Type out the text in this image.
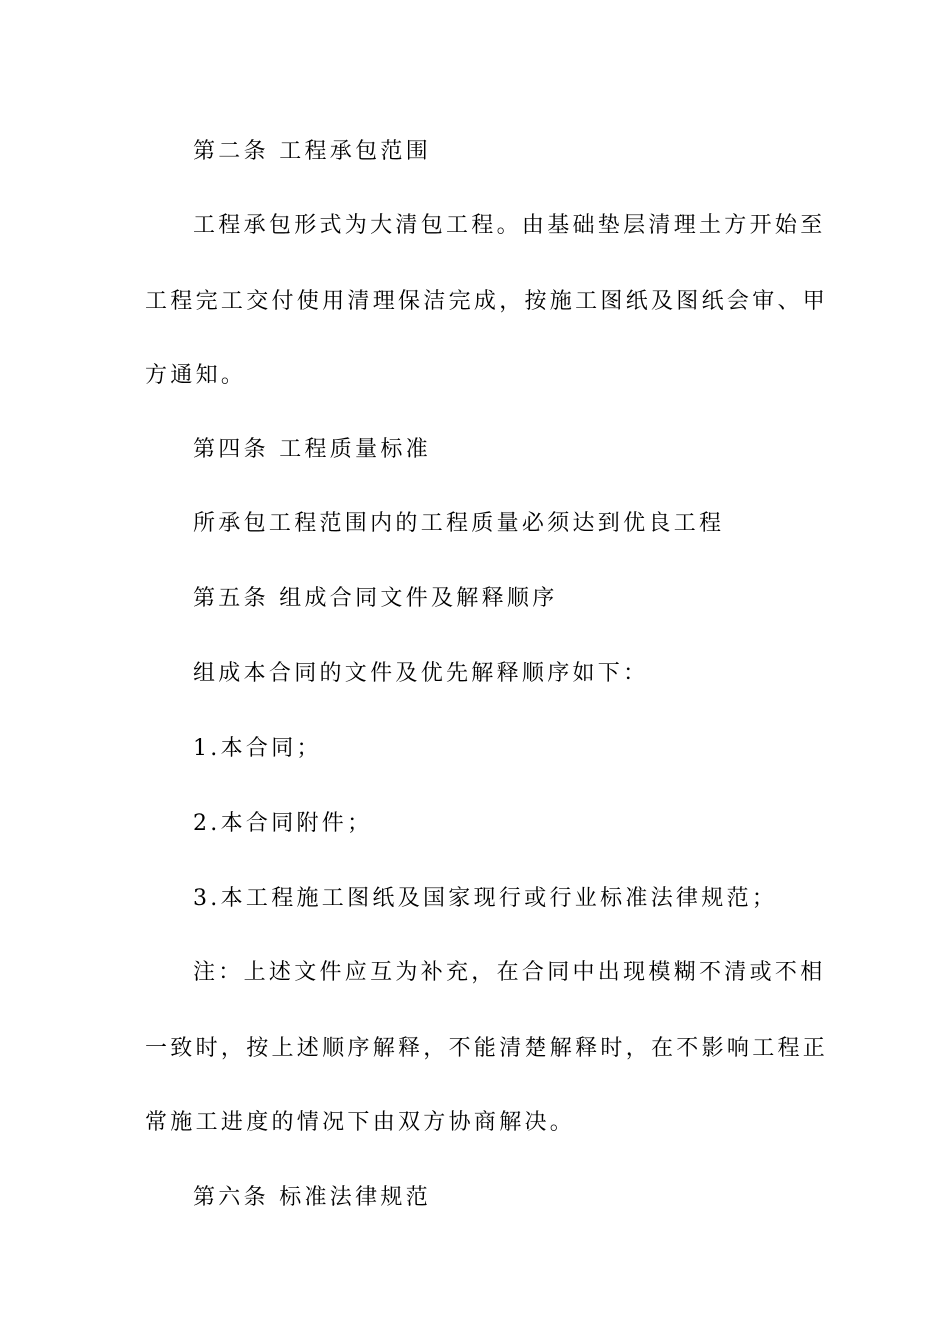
第二条 工程承包范围
工程承包形式为大清包工程。由基础垫层清理土方开始至
工程完工交付使用清理保洁完成，按施工图纸及图纸会审、甲
方通知。
第四条 工程质量标准
所承包工程范围内的工程质量必须达到优良工程
第五条 组成合同文件及解释顺序
组成本合同的文件及优先解释顺序如下：
1.本合同；
2.本合同附件；
3.本工程施工图纸及国家现行或行业标准法律规范；
注：上述文件应互为补充，在合同中出现模糊不清或不相
一致时，按上述顺序解释，不能清楚解释时，在不影响工程正
常施工进度的情况下由双方协商解决。
第六条 标准法律规范
